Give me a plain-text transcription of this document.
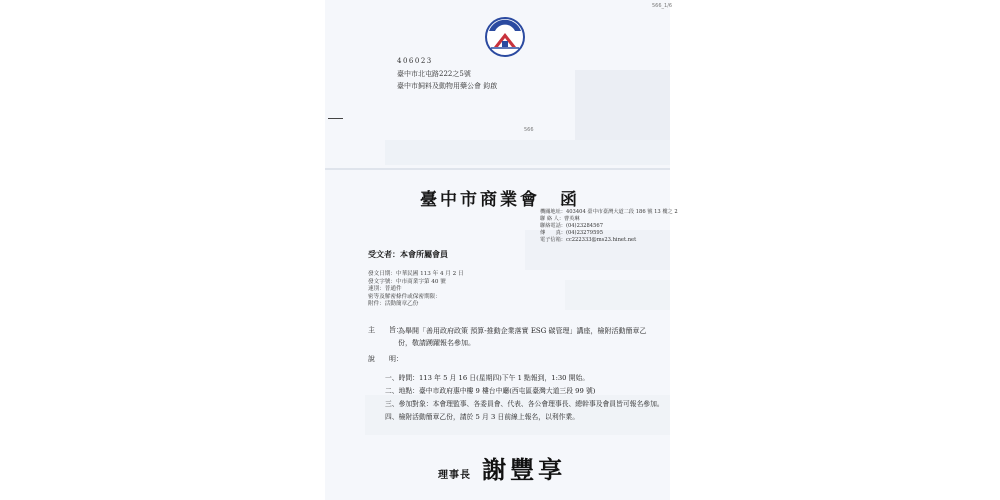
566_1/6
406023
臺中市北屯路222之5號
臺中市飼料及動物用藥公會 鈞啟
566
臺中市商業會　函
機關地址：403404 臺中市臺灣大道二段 186 號 13 樓之 2
聯 絡 人：曹英琳
聯絡電話：(04)23284567
傳　　真：(04)23279595
電子信箱：cc222333@ms23.hinet.net
受文者：本會所屬會員
發文日期：中華民國 113 年 4 月 2 日
發文字號：中市商業字第 40 號
速別：普通件
密等及解密條件或保密期限：
附件：活動簡章乙份
主　　旨：
為舉開「善用政府政策 預算-推動企業落實 ESG 碳管理」講座，檢附活動簡章乙份，敬請踴躍報名參加。
說　　明：
一、時間：113 年 5 月 16 日(星期四)下午 1 點報到，1:30 開始。
二、地點：臺中市政府惠中樓 9 樓台中廳(西屯區臺灣大道三段 99 號)
三、參加對象：本會理監事、各委員會、代表、各公會理事長、總幹事及會員皆可報名參加。
四、檢附活動簡章乙份，請於 5 月 3 日前線上報名，以利作業。
理事長 謝豐享
